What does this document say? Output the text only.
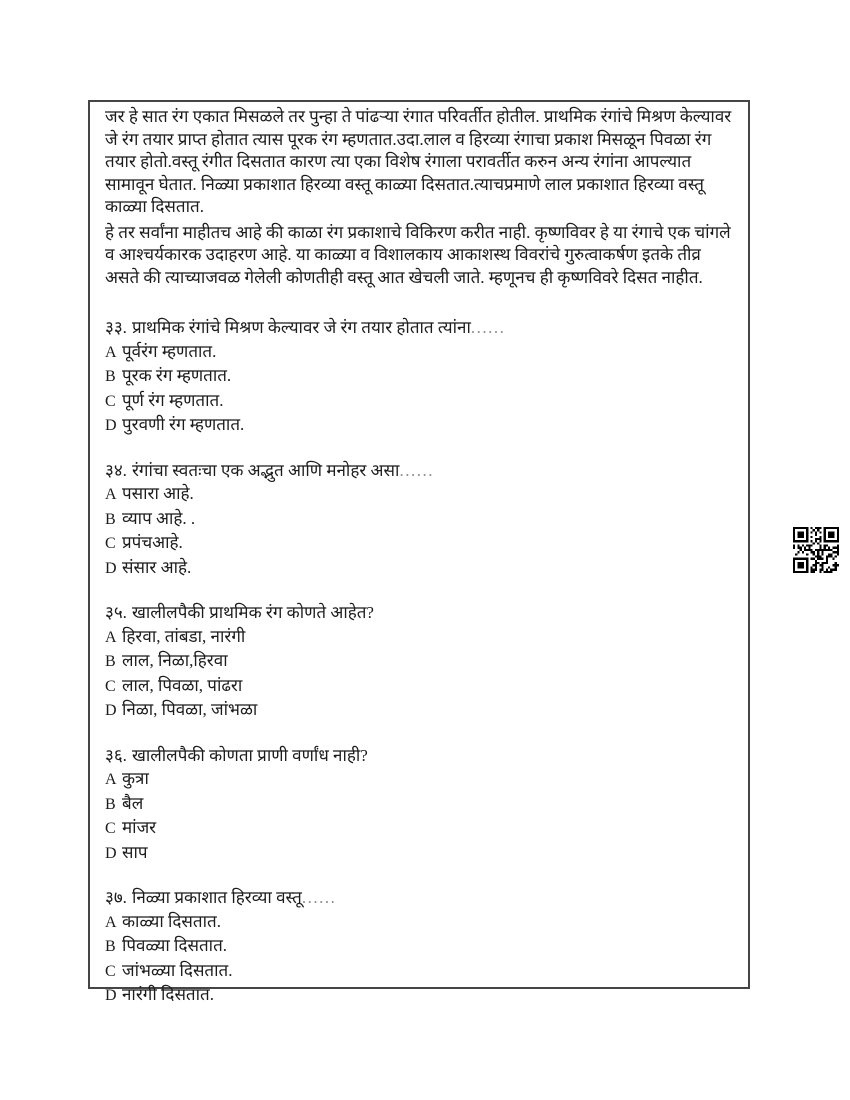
जर हे सात रंग एकात मिसळले तर पुन्हा ते पांढऱ्या रंगात परिवर्तीत होतील. प्राथमिक रंगांचे मिश्रण केल्यावर जे रंग तयार प्राप्त होतात त्यास पूरक रंग म्हणतात.उदा.लाल व हिरव्या रंगाचा प्रकाश मिसळून पिवळा रंग तयार होतो.वस्तू रंगीत दिसतात कारण त्या एका विशेष रंगाला परावर्तीत करुन अन्य रंगांना आपल्यात सामावून घेतात. निळ्या प्रकाशात हिरव्या वस्तू काळ्या दिसतात.त्याचप्रमाणे लाल प्रकाशात हिरव्या वस्तू काळ्या दिसतात.

हे तर सर्वांना माहीतच आहे की काळा रंग प्रकाशाचे विकिरण करीत नाही. कृष्णविवर हे या रंगाचे एक चांगले व आश्चर्यकारक उदाहरण आहे. या काळ्या व विशालकाय आकाशस्थ विवरांचे गुरुत्वाकर्षण इतके तीव्र असते की त्याच्याजवळ गेलेली कोणतीही वस्तू आत खेचली जाते. म्हणूनच ही कृष्णविवरे दिसत नाहीत.

३३. प्राथमिक रंगांचे मिश्रण केल्यावर जे रंग तयार होतात त्यांना......

A पूर्वरंग म्हणतात.

B पूरक रंग म्हणतात.

C पूर्ण रंग म्हणतात.

D पुरवणी रंग म्हणतात.

३४. रंगांचा स्वतःचा एक अद्भुत आणि मनोहर असा......

A पसारा आहे.

B व्याप आहे. .

C प्रपंचआहे.

D संसार आहे.

३५. खालीलपैकी प्राथमिक रंग कोणते आहेत?

A हिरवा, तांबडा, नारंगी

B लाल, निळा,हिरवा

C लाल, पिवळा, पांढरा

D निळा, पिवळा, जांभळा

३६. खालीलपैकी कोणता प्राणी वर्णांध नाही?

A कुत्रा

B बैल

C मांजर

D साप

३७. निळ्या प्रकाशात हिरव्या वस्तू......

A काळ्या दिसतात.

B पिवळ्या दिसतात.

C जांभळ्या दिसतात.

D नारंगी दिसतात.
